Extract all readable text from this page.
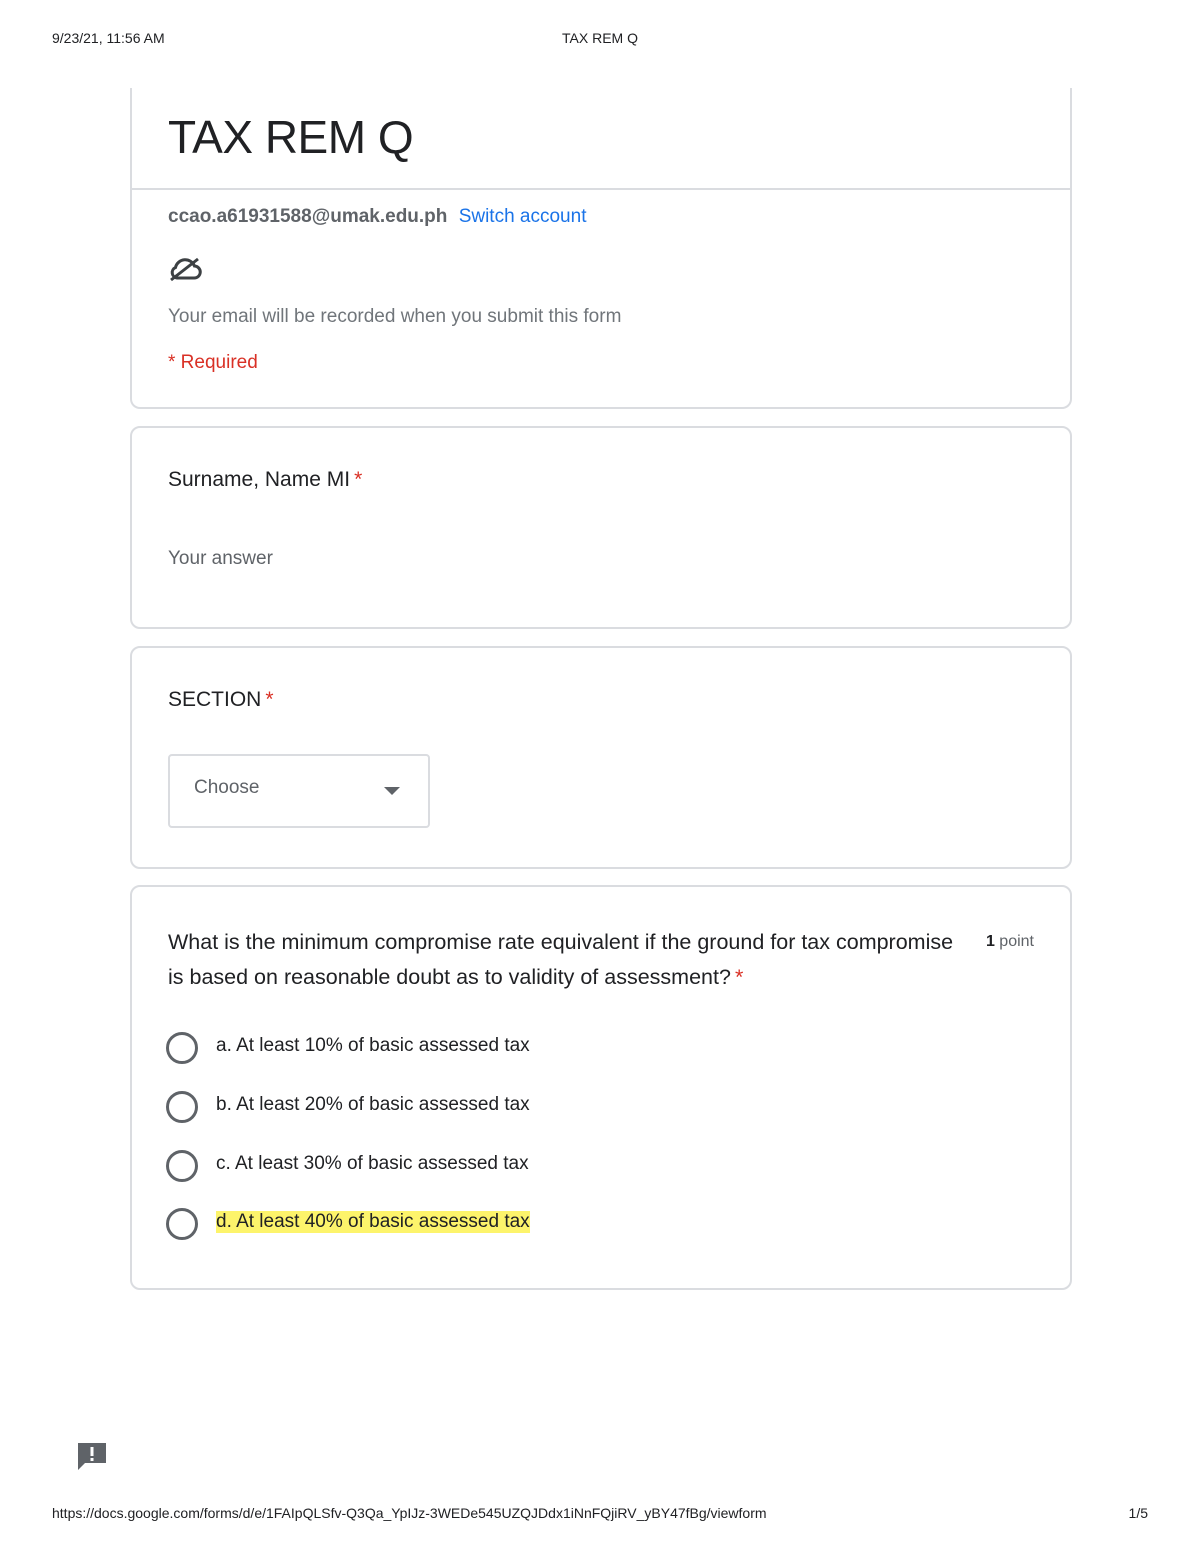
9/23/21, 11:56 AM	TAX REM Q
TAX REM Q
ccao.a61931588@umak.edu.ph Switch account
Your email will be recorded when you submit this form
* Required
Surname, Name MI *
Your answer
SECTION *
Choose
What is the minimum compromise rate equivalent if the ground for tax compromise is based on reasonable doubt as to validity of assessment? *
1 point
a. At least 10% of basic assessed tax
b. At least 20% of basic assessed tax
c. At least 30% of basic assessed tax
d. At least 40% of basic assessed tax
https://docs.google.com/forms/d/e/1FAIpQLSfv-Q3Qa_YpIJz-3WEDe545UZQJDdx1iNnFQjiRV_yBY47fBg/viewform	1/5
